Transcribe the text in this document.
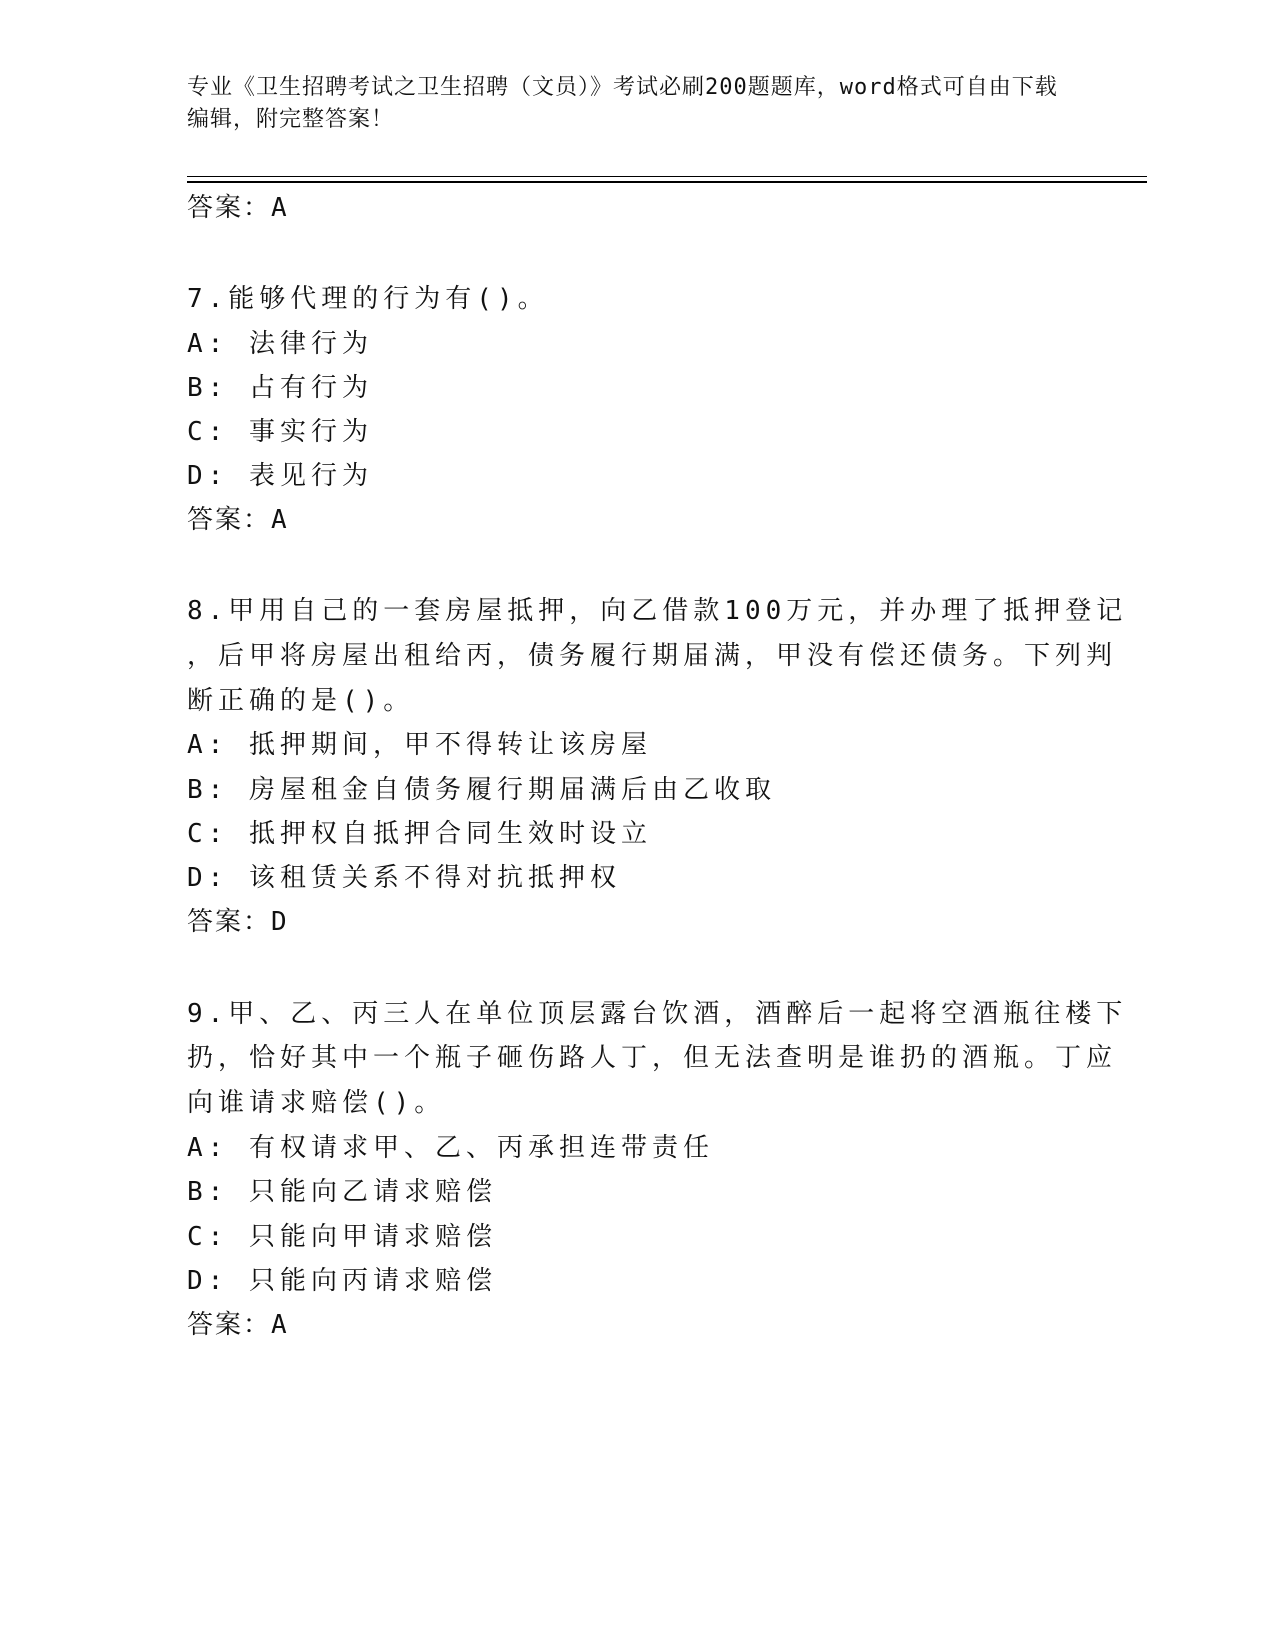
专业《卫生招聘考试之卫生招聘（文员）》考试必刷200题题库，word格式可自由下载编辑，附完整答案！
答案：A
7.能够代理的行为有()。
A: 法律行为
B: 占有行为
C: 事实行为
D: 表见行为
答案：A
8.甲用自己的一套房屋抵押，向乙借款100万元，并办理了抵押登记
，后甲将房屋出租给丙，债务履行期届满，甲没有偿还债务。下列判
断正确的是()。
A: 抵押期间，甲不得转让该房屋
B: 房屋租金自债务履行期届满后由乙收取
C: 抵押权自抵押合同生效时设立
D: 该租赁关系不得对抗抵押权
答案：D
9.甲、乙、丙三人在单位顶层露台饮酒，酒醉后一起将空酒瓶往楼下
扔，恰好其中一个瓶子砸伤路人丁，但无法查明是谁扔的酒瓶。丁应
向谁请求赔偿()。
A: 有权请求甲、乙、丙承担连带责任
B: 只能向乙请求赔偿
C: 只能向甲请求赔偿
D: 只能向丙请求赔偿
答案：A
